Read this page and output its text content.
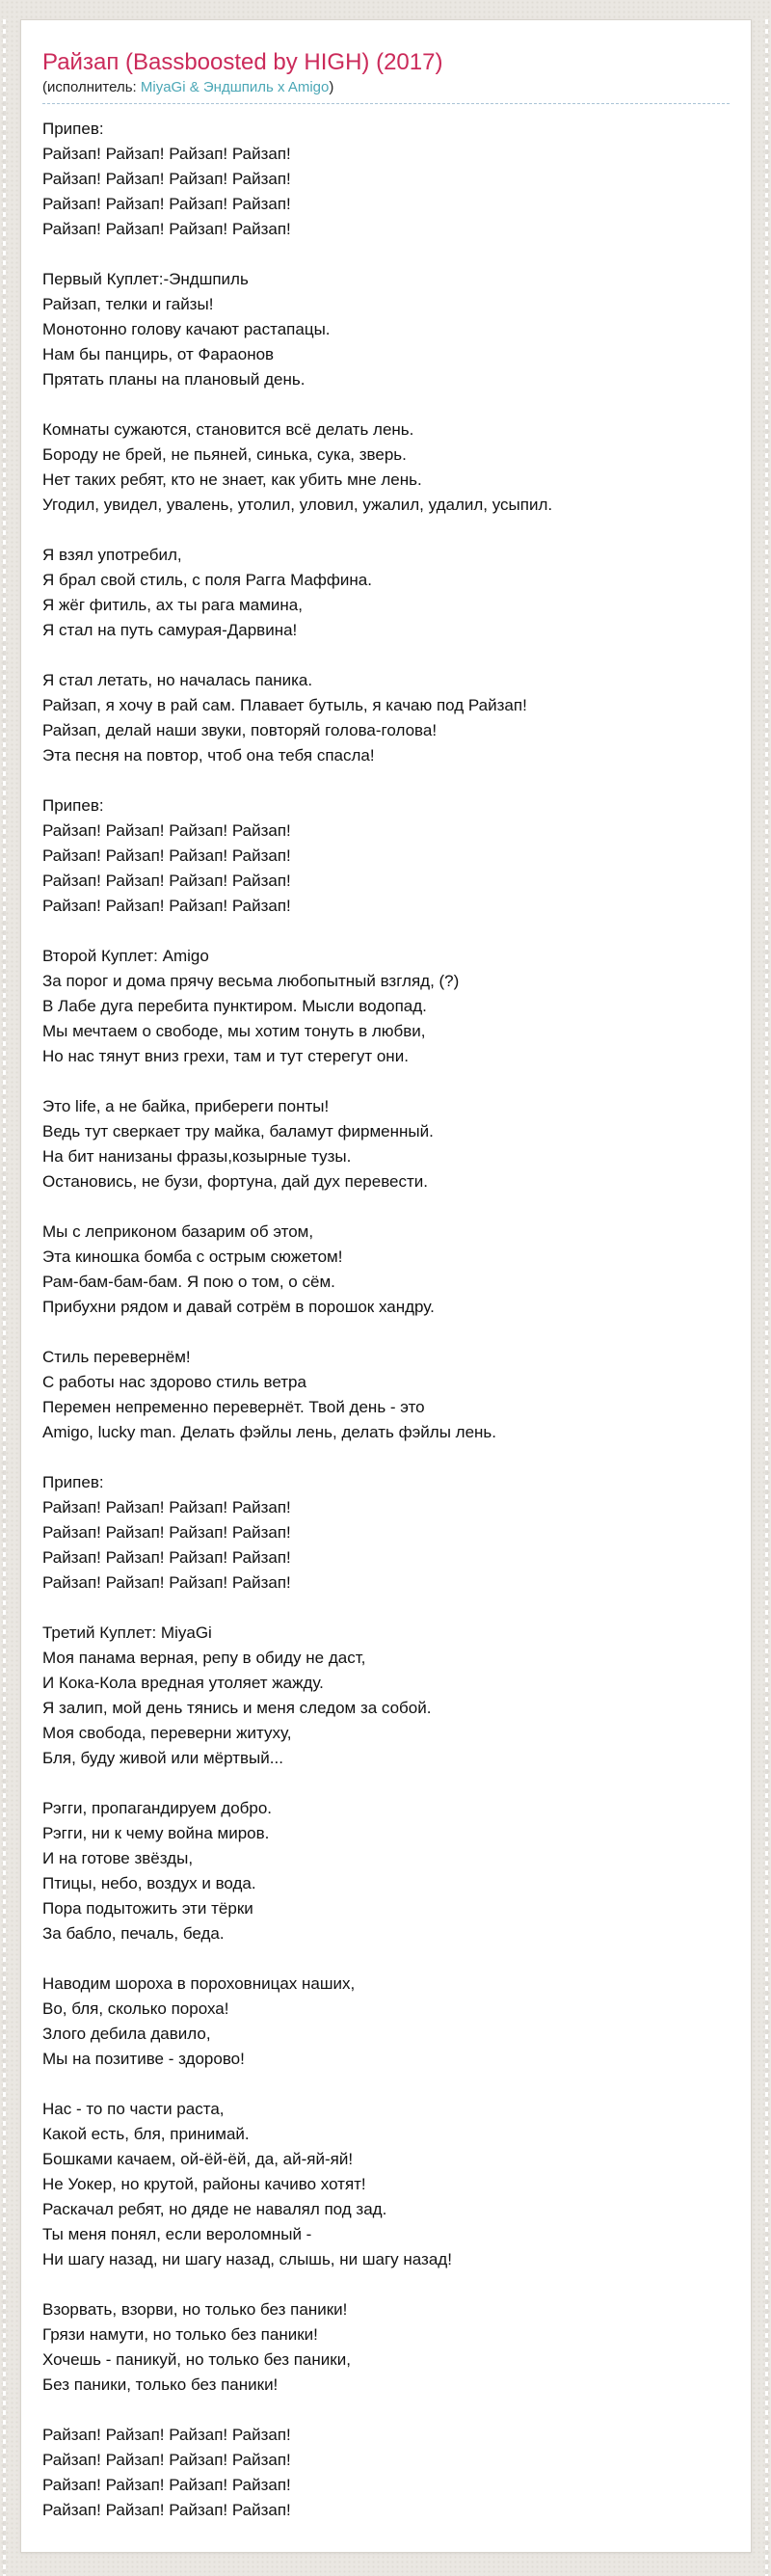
Райзап (Bassboosted by HIGH) (2017)
(исполнитель: MiyaGi & Эндшпиль x Amigo)

Припев:
Райзап! Райзап! Райзап! Райзап!
Райзап! Райзап! Райзап! Райзап!
Райзап! Райзап! Райзап! Райзап!
Райзап! Райзап! Райзап! Райзап!

Первый Куплет:-Эндшпиль
Райзап, телки и гайзы!
Монотонно голову качают растапацы.
Нам бы панцирь, от Фараонов
Прятать планы на плановый день.

Комнаты сужаются, становится всё делать лень.
Бороду не брей, не пьяней, синька, сука, зверь.
Нет таких ребят, кто не знает, как убить мне лень.
Угодил, увидел, увалень, утолил, уловил, ужалил, удалил, усыпил.

Я взял употребил,
Я брал свой стиль, с поля Рагга Маффина.
Я жёг фитиль, ах ты рага мамина,
Я стал на путь самурая-Дарвина!

Я стал летать, но началась паника.
Райзап, я хочу в рай сам. Плавает бутыль, я качаю под Райзап!
Райзап, делай наши звуки, повторяй голова-голова!
Эта песня на повтор, чтоб она тебя спасла!

Припев:
Райзап! Райзап! Райзап! Райзап!
Райзап! Райзап! Райзап! Райзап!
Райзап! Райзап! Райзап! Райзап!
Райзап! Райзап! Райзап! Райзап!

Второй Куплет: Amigo
За порог и дома прячу весьма любопытный взгляд, (?)
В Лабе дуга перебита пунктиром. Мысли водопад.
Мы мечтаем о свободе, мы хотим тонуть в любви,
Но нас тянут вниз грехи, там и тут стерегут они.

Это life, а не байка, прибереги понты!
Ведь тут сверкает тру майка, баламут фирменный.
На бит нанизаны фразы,козырные тузы.
Остановись, не бузи, фортуна, дай дух перевести.

Мы с леприконом базарим об этом,
Эта киношка бомба с острым сюжетом!
Рам-бам-бам-бам. Я пою о том, о сём.
Прибухни рядом и давай сотрём в порошок хандру.

Стиль перевернём!
С работы нас здорово стиль ветра
Перемен непременно перевернёт. Твой день - это
Amigo, lucky man. Делать фэйлы лень, делать фэйлы лень.

Припев:
Райзап! Райзап! Райзап! Райзап!
Райзап! Райзап! Райзап! Райзап!
Райзап! Райзап! Райзап! Райзап!
Райзап! Райзап! Райзап! Райзап!

Третий Куплет: MiyaGi
Моя панама верная, репу в обиду не даст,
И Кока-Кола вредная утоляет жажду.
Я залип, мой день тянись и меня следом за собой.
Моя свобода, переверни житуху,
Бля, буду живой или мёртвый...

Рэгги, пропагандируем добро.
Рэгги, ни к чему война миров.
И на готове звёзды,
Птицы, небо, воздух и вода.
Пора подытожить эти тёрки
За бабло, печаль, беда.

Наводим шороха в пороховницах наших,
Во, бля, сколько пороха!
Злого дебила давило,
Мы на позитиве - здорово!

Нас - то по части раста,
Какой есть, бля, принимай.
Бошками качаем, ой-ёй-ёй, да, ай-яй-яй!
Не Уокер, но крутой, районы качиво хотят!
Раскачал ребят, но дяде не навалял под зад.
Ты меня понял, если вероломный -
Ни шагу назад, ни шагу назад, слышь, ни шагу назад!

Взорвать, взорви, но только без паники!
Грязи намути, но только без паники!
Хочешь - паникуй, но только без паники,
Без паники, только без паники!

Райзап! Райзап! Райзап! Райзап!
Райзап! Райзап! Райзап! Райзап!
Райзап! Райзап! Райзап! Райзап!
Райзап! Райзап! Райзап! Райзап!
